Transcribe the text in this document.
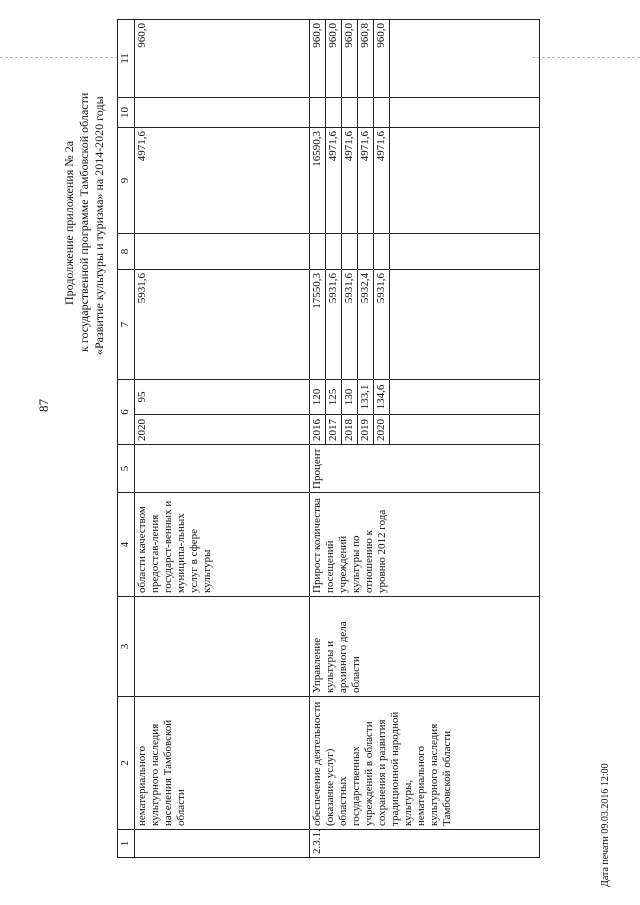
87
Продолжение приложения № 2а к государственной программе Тамбовской области «Развитие культуры и туризма» на 2014-2020 годы
1	2	3	4	5	6		7	8	9	10	11
	нематериального культурного наследия населения Тамбовской области		области качеством предостав-ления государст-венных и муниципа-льных услуг в сфере культуры		2020	95	5931,6		4971,6		960,0
2.3.1.	обеспечение деятельности (оказание услуг) областных государственных учреждений в области сохранения и развития традиционной народной культуры, нематериального культурного наследия Тамбовской области	Управление культуры и архивного дела области	Прирост количества посещений учреждений культуры по отношению к уровню 2012 года	Процент	2016	120	17550,3		16590,3		960,0
					2017	125	5931,6		4971,6		960,0
					2018	130	5931,6		4971,6		960,0
					2019	133,1	5932,4		4971,6		960,8
					2020	134,6	5931,6		4971,6		960,0

Дата печати 09.03.2016 12:00
